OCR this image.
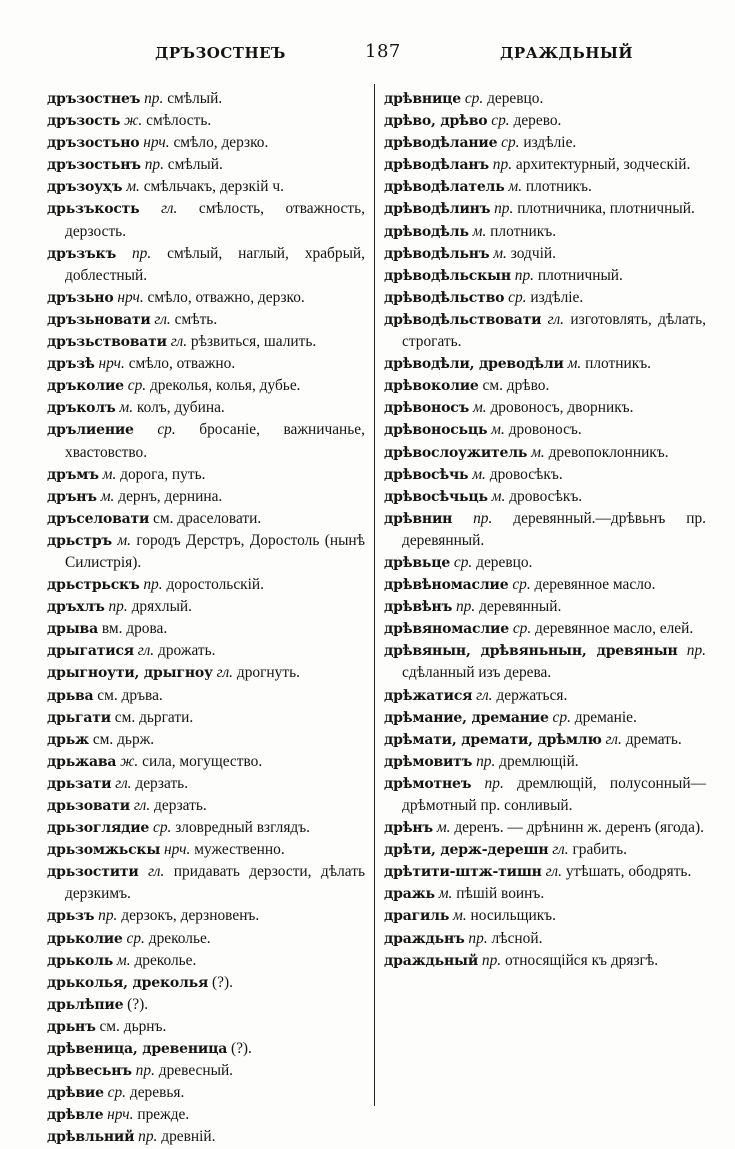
ДРЪЗОСТНЕЪ	187	ДРАЖДЬНЫЙ

дръзостнеъ пр. смѣлый.

дръзость ж. смѣлость.

дръзостьно нрч. смѣло, дерзко.

дръзостьнъ пр. смѣлый.

дръзоуҳъ м. смѣльчакъ, дерзкій ч.

дрьзъкость гл. смѣлость, отважность, дерзость.

дръзъкъ пр. смѣлый, наглый, храбрый, доблестный.

дръзьно нрч. смѣло, отважно, дерзко.

дръзьновати гл. смѣть.

дръзьствовати гл. рѣзвиться, шалить.

дръзѣ нрч. смѣло, отважно.

дръколие ср. дреколья, колья, дубье.

дръколъ м. колъ, дубина.

дрълиение ср. бросаніе, важничанье, хвастовство.

дръмъ м. дорога, путь.

дрънъ м. дернъ, дернина.

дръселовати см. дрaселовати.

дрьстръ м. городъ Дерстръ, Доростоль (нынѣ Силистрія).

дрьстрьскъ пр. доростольскій.

дръхлъ пр. дряхлый.

дрыва вм. дрова.

дрыгатися гл. дрожать.

дрыгноути, дрыгноу гл. дрогнуть.

дрьва см. дръва.

дрьгати см. дьргати.

дрьж см. дьрж.

дрьжава ж. сила, могущество.

дрьзати гл. дерзать.

дрьзовати гл. дерзать.

дрьзоглядие ср. зловредный взглядъ.

дрьзомжьскы нрч. мужественно.

дрьзостити гл. придавать дерзости, дѣлать дерзкимъ.

дрьзъ пр. дерзокъ, дерзновенъ.

дрьколие ср. дреколье.

дрьколь м. дреколье.

дрьколья, дреколья (?).

дрьлѣпие (?).

дрьнъ см. дьрнъ.

дрѣвеница, древеница (?).

дрѣвесьнъ пр. древесный.

дрѣвие ср. деревья.

дрѣвле нрч. прежде.

дрѣвльний пр. древній.

дрѣвнице ср. деревцо.

дрѣво, дрѣво ср. дерево.

дрѣводѣлание ср. издѣліе.

дрѣводѣланъ пр. архитектурный, зодческій.

дрѣводѣлатель м. плотникъ.

дрѣводѣлинъ пр. плотничника, плотничный.

дрѣводѣль м. плотникъ.

дрѣводѣльнъ м. зодчій.

дрѣводѣльскын пр. плотничный.

дрѣводѣльство ср. издѣліе.

дрѣводѣльствовати гл. изготовлять, дѣлать, строгать.

дрѣводѣли, древодѣли м. плотникъ.

дрѣвоколие см. дрѣво.

дрѣвоносъ м. дровоносъ, дворникъ.

дрѣвоносьць м. дровоносъ.

дрѣвослоужитель м. древопоклонникъ.

дрѣвосѣчь м. дровосѣкъ.

дрѣвосѣчьць м. дровосѣкъ.

дрѣвнин пр. деревянный.—дрѣвьнъ пр. деревянный.

дрѣвьце ср. деревцо.

дрѣвѣномаслие ср. деревянное масло.

дрѣвѣнъ пр. деревянный.

дрѣвяномаслие ср. деревянное масло, елей.

дрѣвянын, дрѣвяньнын, древянын пр. сдѣланный изъ дерева.

дрѣжатися гл. держаться.

дрѣмание, дремание ср. дреманіе.

дрѣмати, дремати, дрѣмлю гл. дремать.

дрѣмовитъ пр. дремлющій.

дрѣмотнеъ пр. дремлющій, полусонный—дрѣмотный пр. сонливый.

дрѣнъ м. деренъ. — дрѣнинн ж. деренъ (ягода).

дрѣти, держ-дерешн гл. грабить.

дрѣтити-штж-тишн гл. утѣшать, ободрять.

дражь м. пѣшій воинъ.

дрaгиль м. носильщикъ.

дрaждьнъ пр. лѣсной.

дрaждьный пр. относящійся къ дрязгѣ.
